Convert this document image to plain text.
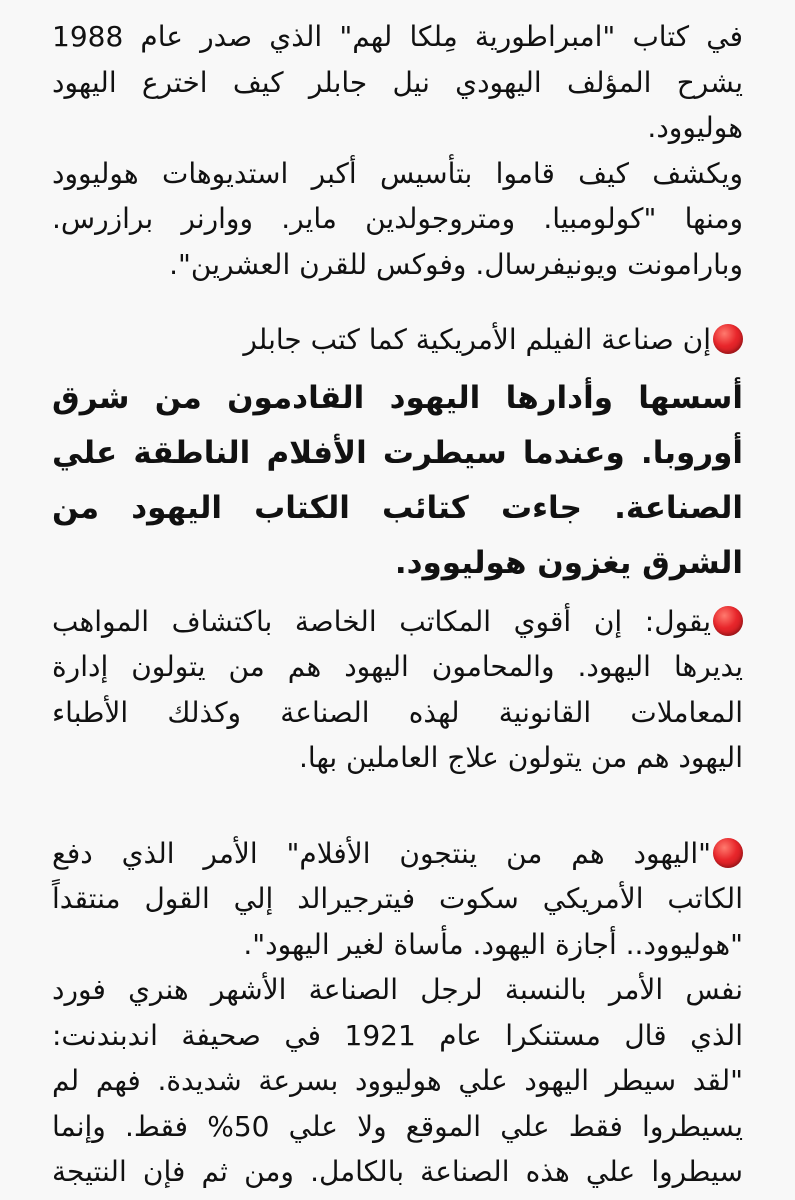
في كتاب "امبراطورية مِلكا لهم" الذي صدر عام 1988

يشرح المؤلف اليهودي نيل جابلر كيف اخترع اليهود

هوليوود.

ويكشف كيف قاموا بتأسيس أكبر استديوهات هوليوود

ومنها "كولومبيا. ومتروجولدين ماير. ووارنر برازرس.

وبارامونت ويونيفرسال. وفوكس للقرن العشرين".

إن صناعة الفيلم الأمريكية كما كتب جابلر

أسسها وأدارها اليهود القادمون من شرق

أوروبا. وعندما سيطرت الأفلام الناطقة علي

الصناعة. جاءت كتائب الكتاب اليهود من

الشرق يغزون هوليوود.

يقول: إن أقوي المكاتب الخاصة باكتشاف المواهب

يديرها اليهود. والمحامون اليهود هم من يتولون إدارة

المعاملات القانونية لهذه الصناعة وكذلك الأطباء

اليهود هم من يتولون علاج العاملين بها.

"اليهود هم من ينتجون الأفلام" الأمر الذي دفع

الكاتب الأمريكي سكوت فيترجيرالد إلي القول منتقداً

"هوليوود.. أجازة اليهود. مأساة لغير اليهود".

نفس الأمر بالنسبة لرجل الصناعة الأشهر هنري فورد

الذي قال مستنكرا عام 1921 في صحيفة اندبندنت:

"لقد سيطر اليهود علي هوليوود بسرعة شديدة. فهم لم

يسيطروا فقط علي الموقع ولا علي 50% فقط. وإنما

سيطروا علي هذه الصناعة بالكامل. ومن ثم فإن النتيجة
